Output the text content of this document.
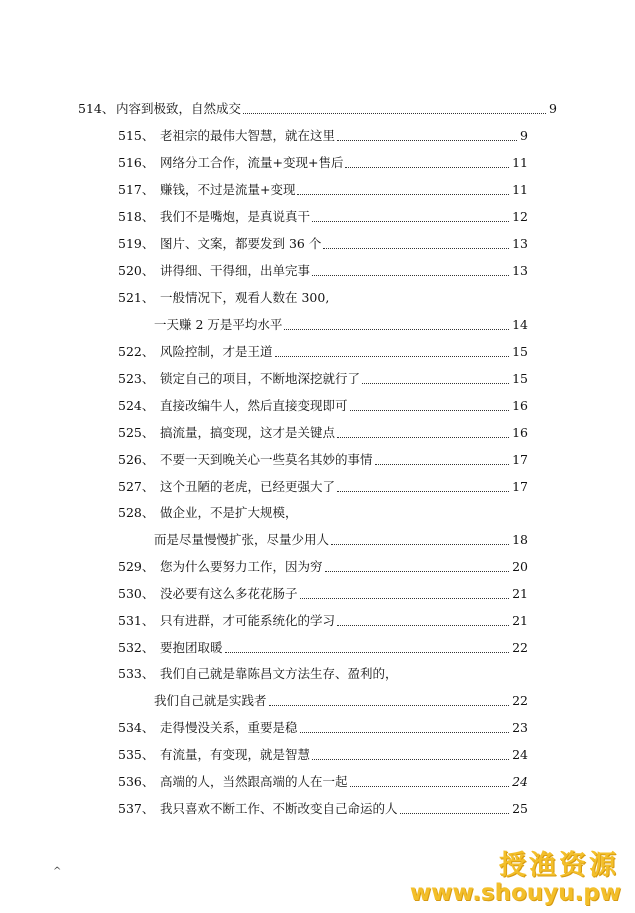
514、 内容到极致，自然成交	9
515、 老祖宗的最伟大智慧，就在这里	9
516、 网络分工合作，流量+变现+售后	11
517、 赚钱，不过是流量+变现	11
518、 我们不是嘴炮，是真说真干	12
519、 图片、文案，都要发到 36 个	13
520、 讲得细、干得细，出单完事	13
521、 一般情况下，观看人数在 300,
一天赚 2 万是平均水平	14
522、 风险控制，才是王道	15
523、 锁定自己的项目，不断地深挖就行了	15
524、 直接改编牛人，然后直接变现即可	16
525、 搞流量，搞变现，这才是关键点	16
526、 不要一天到晚关心一些莫名其妙的事情	17
527、 这个丑陋的老虎，已经更强大了	17
528、 做企业，不是扩大规模，
而是尽量慢慢扩张，尽量少用人	18
529、 您为什么要努力工作，因为穷	20
530、 没必要有这么多花花肠子	21
531、 只有进群，才可能系统化的学习	21
532、 要抱团取暖	22
533、 我们自己就是靠陈昌文方法生存、盈利的，
我们自己就是实践者	22
534、 走得慢没关系，重要是稳	23
535、 有流量，有变现，就是智慧	24
536、 高端的人，当然跟高端的人在一起	24
537、 我只喜欢不断工作、不断改变自己命运的人	25
^	授渔资源
www.shouyu.pw
